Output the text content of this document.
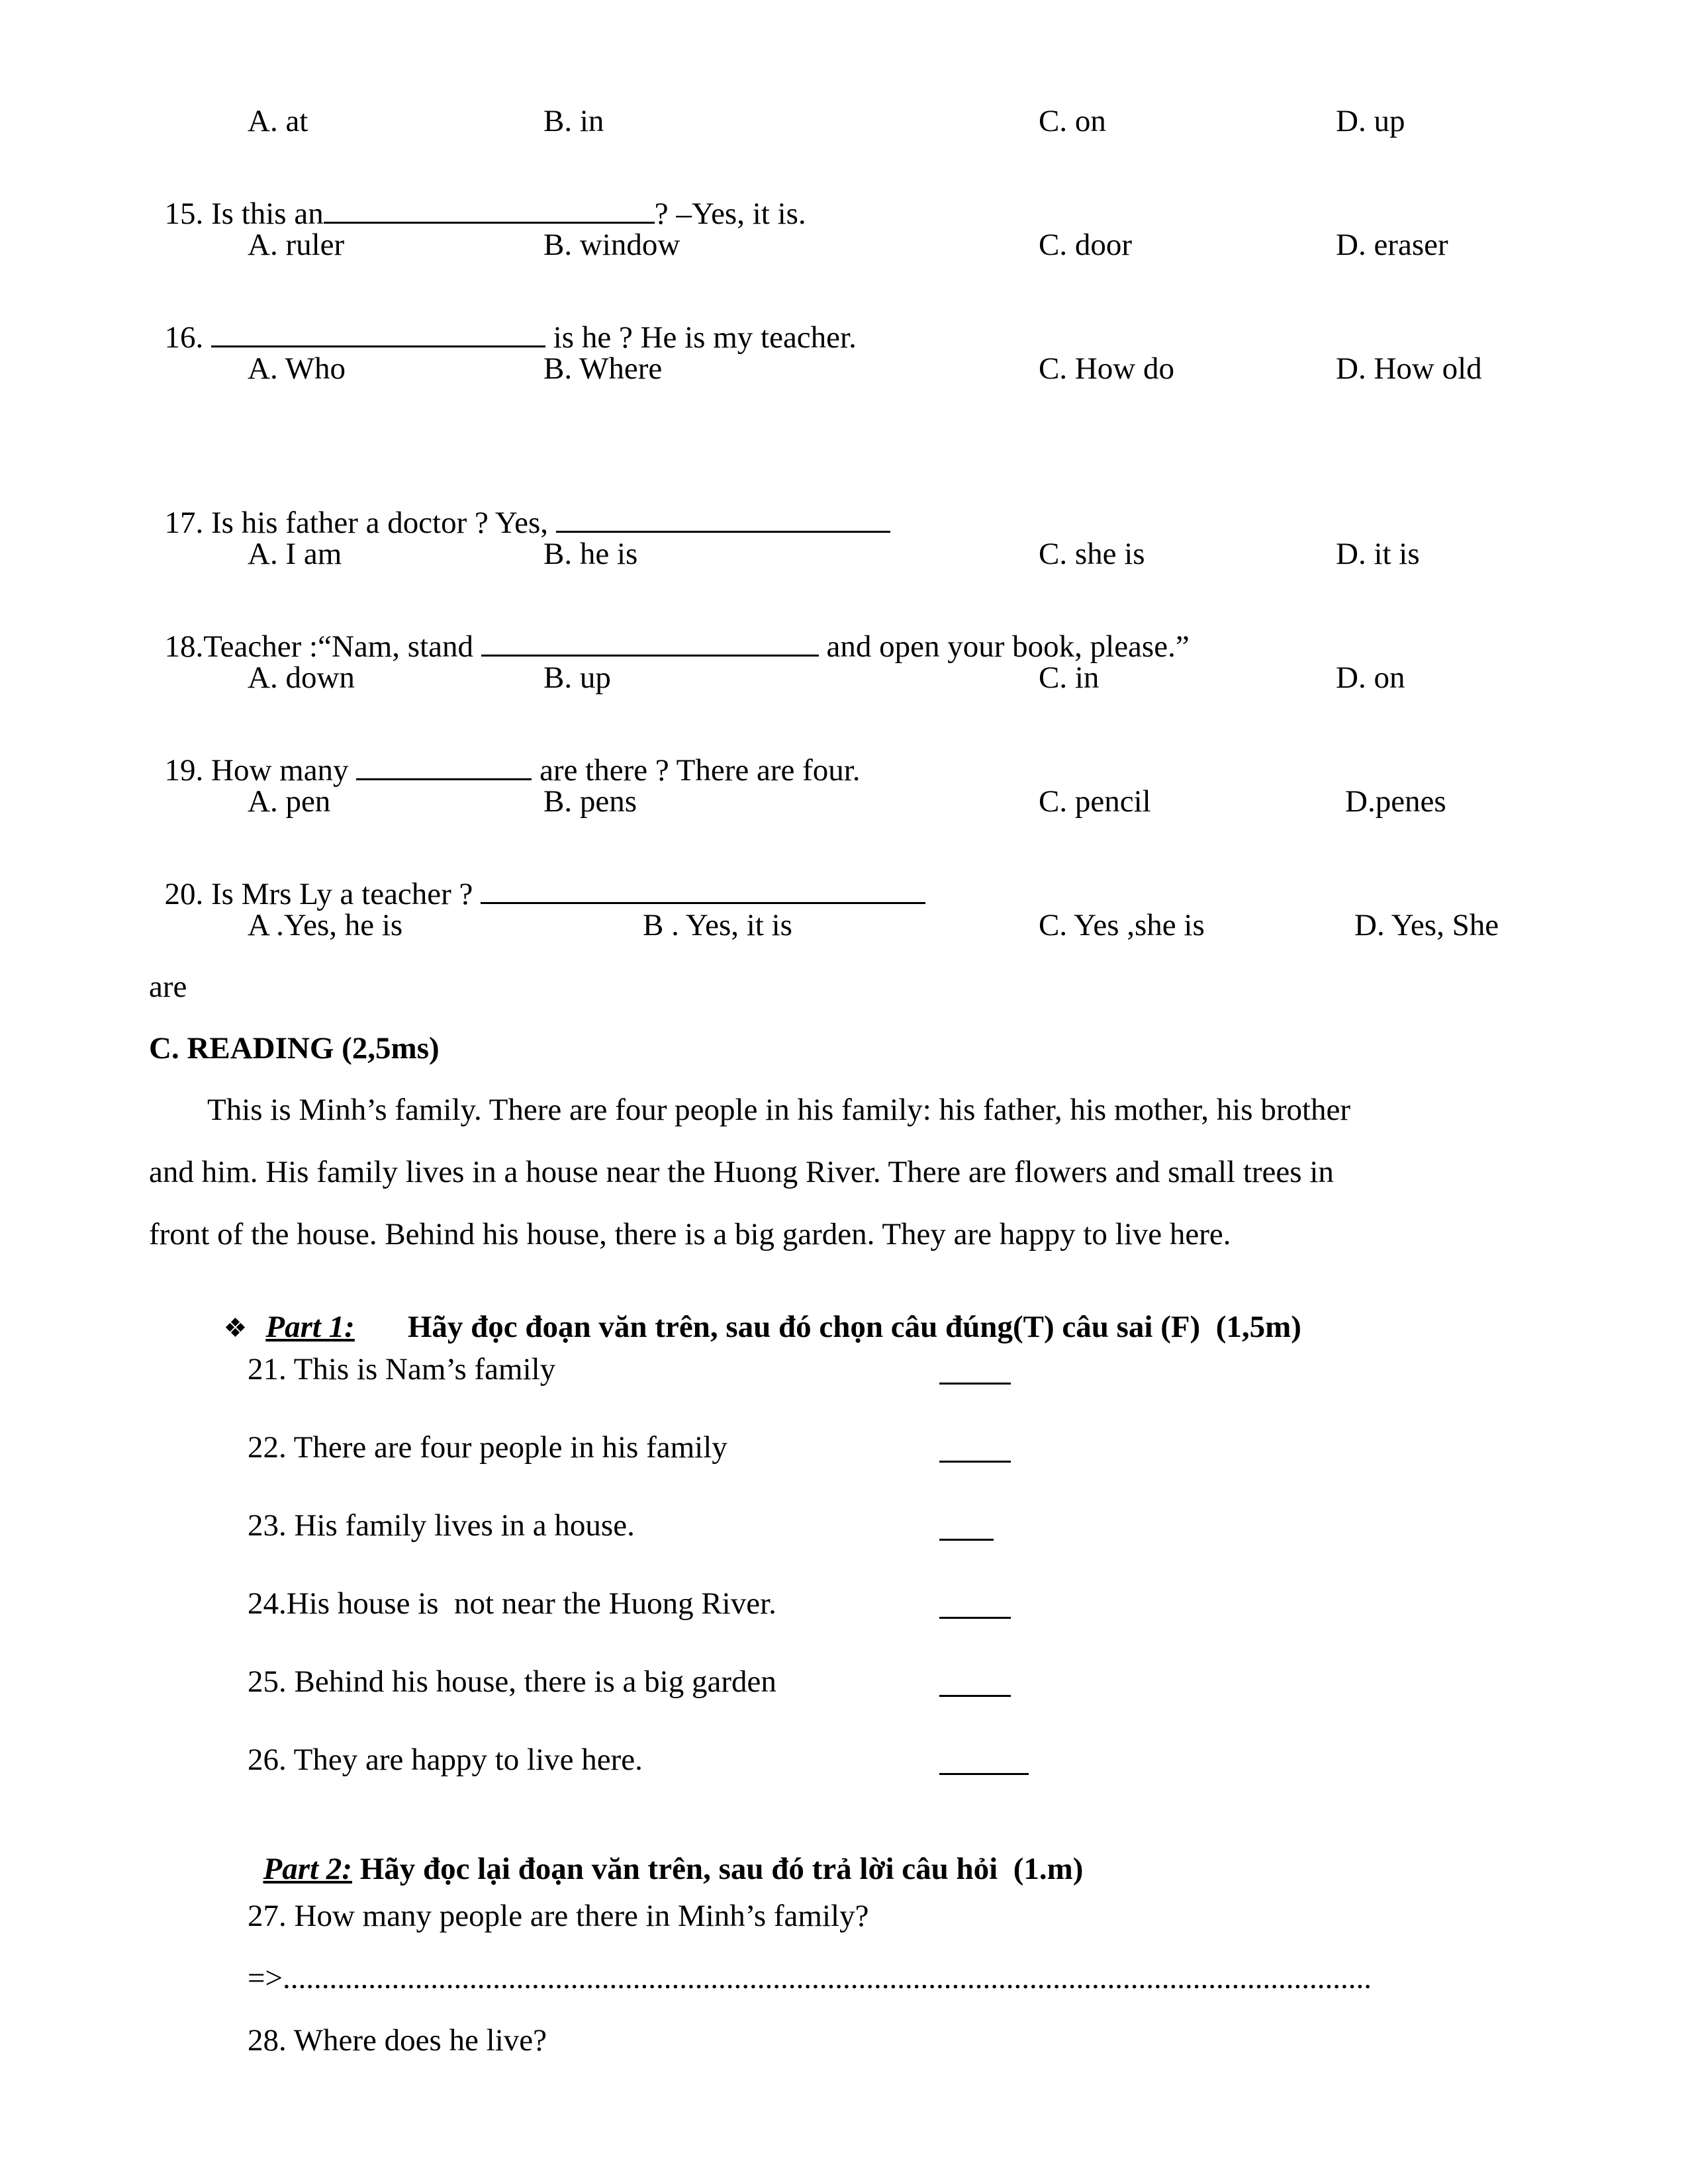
A. at	B. in	C. on	D. up

15. Is this an	? –Yes, it is.

A. ruler	B. window	C. door	D. eraser

16.	is he ? He is my teacher.

A. Who	B. Where	C. How do	D. How old

17. Is his father a doctor ? Yes,

A. I am	B. he is	C. she is	D. it is

18.Teacher :“Nam, stand	and open your book, please.”

A. down	B. up	C. in	D. on

19. How many	are there ? There are four.

A. pen	B. pens	C. pencil	D.penes

20. Is Mrs Ly a teacher ?

A .Yes, he is	B . Yes, it is	C. Yes ,she is	D. Yes, She
are
C. READING (2,5ms)
This is Minh’s family. There are four people in his family: his father, his mother, his brother
and him. His family lives in a house near the Huong River. There are flowers and small trees in
front of the house. Behind his house, there is a big garden. They are happy to live here.

❖ Part 1: Hãy đọc đoạn văn trên, sau đó chọn câu đúng(T) câu sai (F)  (1,5m)

21. This is Nam’s family
22. There are four people in his family
23. His family lives in a house.
24.His house is  not near the Huong River.
25. Behind his house, there is a big garden
26. They are happy to live here.

Part 2: Hãy đọc lại đoạn văn trên, sau đó trả lời câu hỏi  (1.m)

27. How many people are there in Minh’s family?
=>............................................................................................................................................
28. Where does he live?
